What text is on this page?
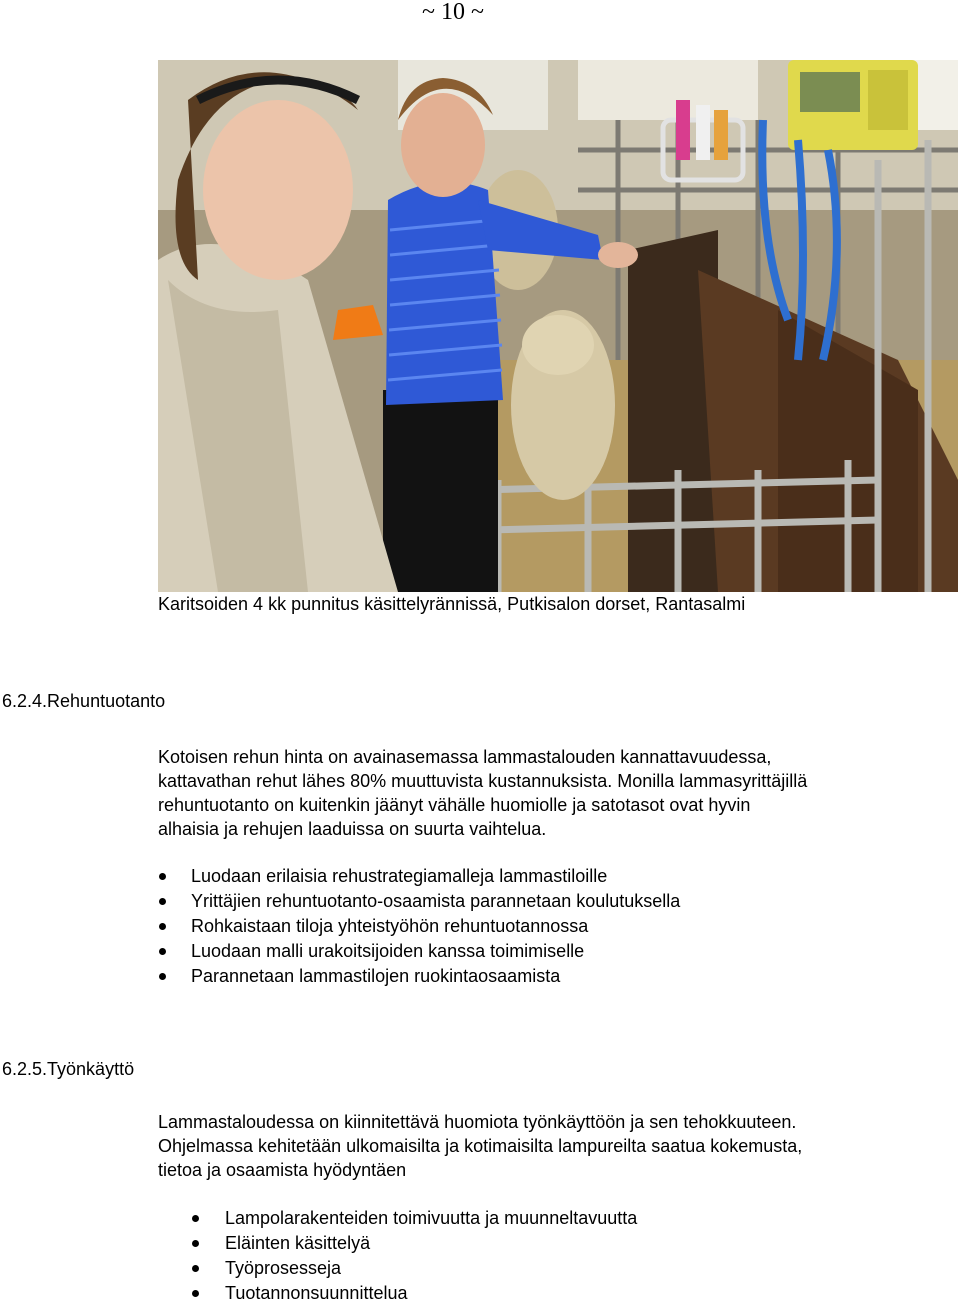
~ 10 ~
Karitsoiden 4 kk punnitus käsittelyrännissä, Putkisalon dorset, Rantasalmi
6.2.4.Rehuntuotanto
Kotoisen rehun hinta on avainasemassa lammastalouden kannattavuudessa,
kattavathan rehut lähes 80% muuttuvista kustannuksista. Monilla lammasyrittäjillä
rehuntuotanto on kuitenkin jäänyt vähälle huomiolle ja satotasot ovat hyvin
alhaisia ja rehujen laaduissa on suurta vaihtelua.
Luodaan erilaisia rehustrategiamalleja lammastiloille
Yrittäjien rehuntuotanto-osaamista parannetaan koulutuksella
Rohkaistaan tiloja yhteistyöhön rehuntuotannossa
Luodaan malli urakoitsijoiden kanssa toimimiselle
Parannetaan lammastilojen ruokintaosaamista
6.2.5.Työnkäyttö
Lammastaloudessa on kiinnitettävä huomiota työnkäyttöön ja sen tehokkuuteen.
Ohjelmassa kehitetään ulkomaisilta ja kotimaisilta lampureilta saatua kokemusta,
tietoa ja osaamista hyödyntäen
Lampolarakenteiden toimivuutta ja muunneltavuutta
Eläinten käsittelyä
Työprosesseja
Tuotannonsuunnittelua
